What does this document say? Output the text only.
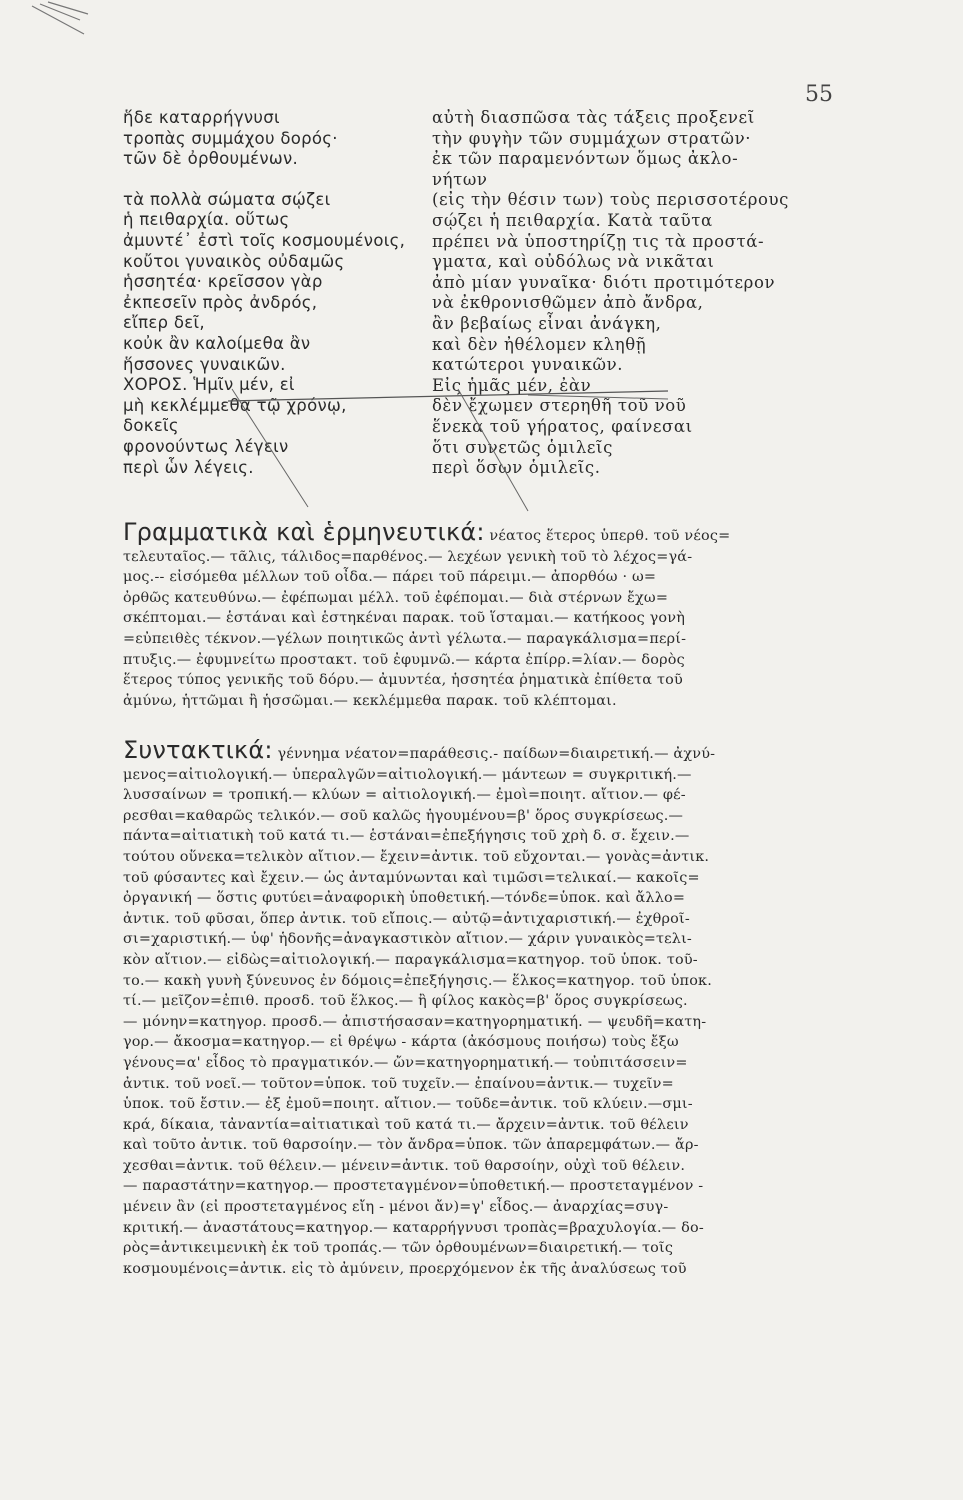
55
ἥδε καταρρήγνυσι
τροπὰς συμμάχου δορός·
τῶν δὲ ὀρθουμένων.
τὰ πολλὰ σώματα σῴζει
ἡ πειθαρχία. οὕτως
ἀμυντέ᾽ ἐστὶ τοῖς κοσμουμένοις,
κοὔτοι γυναικὸς οὐδαμῶς
ἡσσητέα· κρεῖσσον γὰρ
ἐκπεσεῖν πρὸς ἀνδρός,
εἴπερ δεῖ,
κοὐκ ἂν καλοίμεθα ἂν
ἥσσονες γυναικῶν.
ΧΟΡΟΣ. Ἡμῖν μέν, εἰ
μὴ κεκλέμμεθα τῷ χρόνῳ,
δοκεῖς
φρονούντως λέγειν
περὶ ὧν λέγεις.
αὐτὴ διασπῶσα τὰς τάξεις προξενεῖ
τὴν φυγὴν τῶν συμμάχων στρατῶν·
ἐκ τῶν παραμενόντων ὅμως ἀκλο-
νήτων
(εἰς τὴν θέσιν των) τοὺς περισσοτέρους
σῴζει ἡ πειθαρχία. Κατὰ ταῦτα
πρέπει νὰ ὑποστηρίζῃ τις τὰ προστά-
γματα, καὶ οὐδόλως νὰ νικᾶται
ἀπὸ μίαν γυναῖκα· διότι προτιμότερον
νὰ ἐκθρονισθῶμεν ἀπὸ ἄνδρα,
ἂν βεβαίως εἶναι ἀνάγκη,
καὶ δὲν ἠθέλομεν κληθῇ
κατώτεροι γυναικῶν.
Εἰς ἡμᾶς μέν, ἐὰν
δὲν ἔχωμεν στερηθῆ τοῦ νοῦ
ἕνεκα τοῦ γήρατος, φαίνεσαι
ὅτι συνετῶς ὁμιλεῖς
περὶ ὅσων ὁμιλεῖς.
Γραμματικὰ καὶ ἑρμηνευτικά: νέατος ἕτερος ὑπερθ. τοῦ νέος=
τελευταῖος.— τᾶλις, τάλιδος=παρθένος.— λεχέων γενικὴ τοῦ τὸ λέχος=γά-
μος.-- εἰσόμεθα μέλλων τοῦ οἶδα.— πάρει τοῦ πάρειμι.— ἀπορθόω · ω=
ὀρθῶς κατευθύνω.— ἐφέπωμαι μέλλ. τοῦ ἐφέπομαι.— διὰ στέρνων ἔχω=
σκέπτομαι.— ἑστάναι καὶ ἑστηκέναι παρακ. τοῦ ἵσταμαι.— κατήκοος γονὴ
=εὐπειθὲς τέκνον.—γέλων ποιητικῶς ἀντὶ γέλωτα.— παραγκάλισμα=περί-
πτυξις.— ἐφυμνείτω προστακτ. τοῦ ἐφυμνῶ.— κάρτα ἐπίρρ.=λίαν.— δορὸς
ἕτερος τύπος γενικῆς τοῦ δόρυ.— ἀμυντέα, ἡσσητέα ῥηματικὰ ἐπίθετα τοῦ
ἀμύνω, ἡττῶμαι ἢ ἡσσῶμαι.— κεκλέμμεθα παρακ. τοῦ κλέπτομαι.
Συντακτικά: γέννημα νέατον=παράθεσις.- παίδων=διαιρετική.— ἀχνύ-
μενος=αἰτιολογική.— ὑπεραλγῶν=αἰτιολογική.— μάντεων = συγκριτική.—
λυσσαίνων = τροπική.— κλύων = αἰτιολογική.— ἐμοὶ=ποιητ. αἴτιον.— φέ-
ρεσθαι=καθαρῶς τελικόν.— σοῦ καλῶς ἡγουμένου=β' ὅρος συγκρίσεως.—
πάντα=αἰτιατικὴ τοῦ κατά τι.— ἑστάναι=ἐπεξήγησις τοῦ χρὴ δ. σ. ἔχειν.—
τούτου οὕνεκα=τελικὸν αἴτιον.— ἔχειν=ἀντικ. τοῦ εὔχονται.— γονὰς=ἀντικ.
τοῦ φύσαντες καὶ ἔχειν.— ὡς ἀνταμύνωνται καὶ τιμῶσι=τελικαί.— κακοῖς=
ὀργανική — ὅστις φυτύει=ἀναφορικὴ ὑποθετική.—τόνδε=ὑποκ. καὶ ἄλλο=
ἀντικ. τοῦ φῦσαι, ὅπερ ἀντικ. τοῦ εἴποις.— αὐτῷ=ἀντιχαριστική.— ἐχθροῖ-
σι=χαριστική.— ὑφ' ἡδονῆς=ἀναγκαστικὸν αἴτιον.— χάριν γυναικὸς=τελι-
κὸν αἴτιον.— εἰδὼς=αἰτιολογική.— παραγκάλισμα=κατηγορ. τοῦ ὑποκ. τοῦ-
το.— κακὴ γυνὴ ξύνευνος ἐν δόμοις=ἐπεξήγησις.— ἕλκος=κατηγορ. τοῦ ὑποκ.
τί.— μεῖζον=ἐπιθ. προσδ. τοῦ ἕλκος.— ἢ φίλος κακὸς=β' ὅρος συγκρίσεως.
— μόνην=κατηγορ. προσδ.— ἀπιστήσασαν=κατηγορηματική. — ψευδῆ=κατη-
γορ.— ἄκοσμα=κατηγορ.— εἰ θρέψω - κάρτα (ἀκόσμους ποιήσω) τοὺς ἔξω
γένους=α' εἶδος τὸ πραγματικόν.— ὤν=κατηγορηματική.— τοὐπιτάσσειν=
ἀντικ. τοῦ νοεῖ.— τοῦτον=ὑποκ. τοῦ τυχεῖν.— ἐπαίνου=ἀντικ.— τυχεῖν=
ὑποκ. τοῦ ἔστιν.— ἐξ ἐμοῦ=ποιητ. αἴτιον.— τοῦδε=ἀντικ. τοῦ κλύειν.—σμι-
κρά, δίκαια, τἀναντία=αἰτιατικαὶ τοῦ κατά τι.— ἄρχειν=ἀντικ. τοῦ θέλειν
καὶ τοῦτο ἀντικ. τοῦ θαρσοίην.— τὸν ἄνδρα=ὑποκ. τῶν ἀπαρεμφάτων.— ἄρ-
χεσθαι=ἀντικ. τοῦ θέλειν.— μένειν=ἀντικ. τοῦ θαρσοίην, οὐχὶ τοῦ θέλειν.
— παραστάτην=κατηγορ.— προστεταγμένον=ὑποθετική.— προστεταγμένον -
μένειν ἂν (εἰ προστεταγμένος εἴη - μένοι ἄν)=γ' εἶδος.— ἀναρχίας=συγ-
κριτική.— ἀναστάτους=κατηγορ.— καταρρήγνυσι τροπὰς=βραχυλογία.— δο-
ρὸς=ἀντικειμενικὴ ἐκ τοῦ τροπάς.— τῶν ὀρθουμένων=διαιρετική.— τοῖς
κοσμουμένοις=ἀντικ. εἰς τὸ ἀμύνειν, προερχόμενον ἐκ τῆς ἀναλύσεως τοῦ
